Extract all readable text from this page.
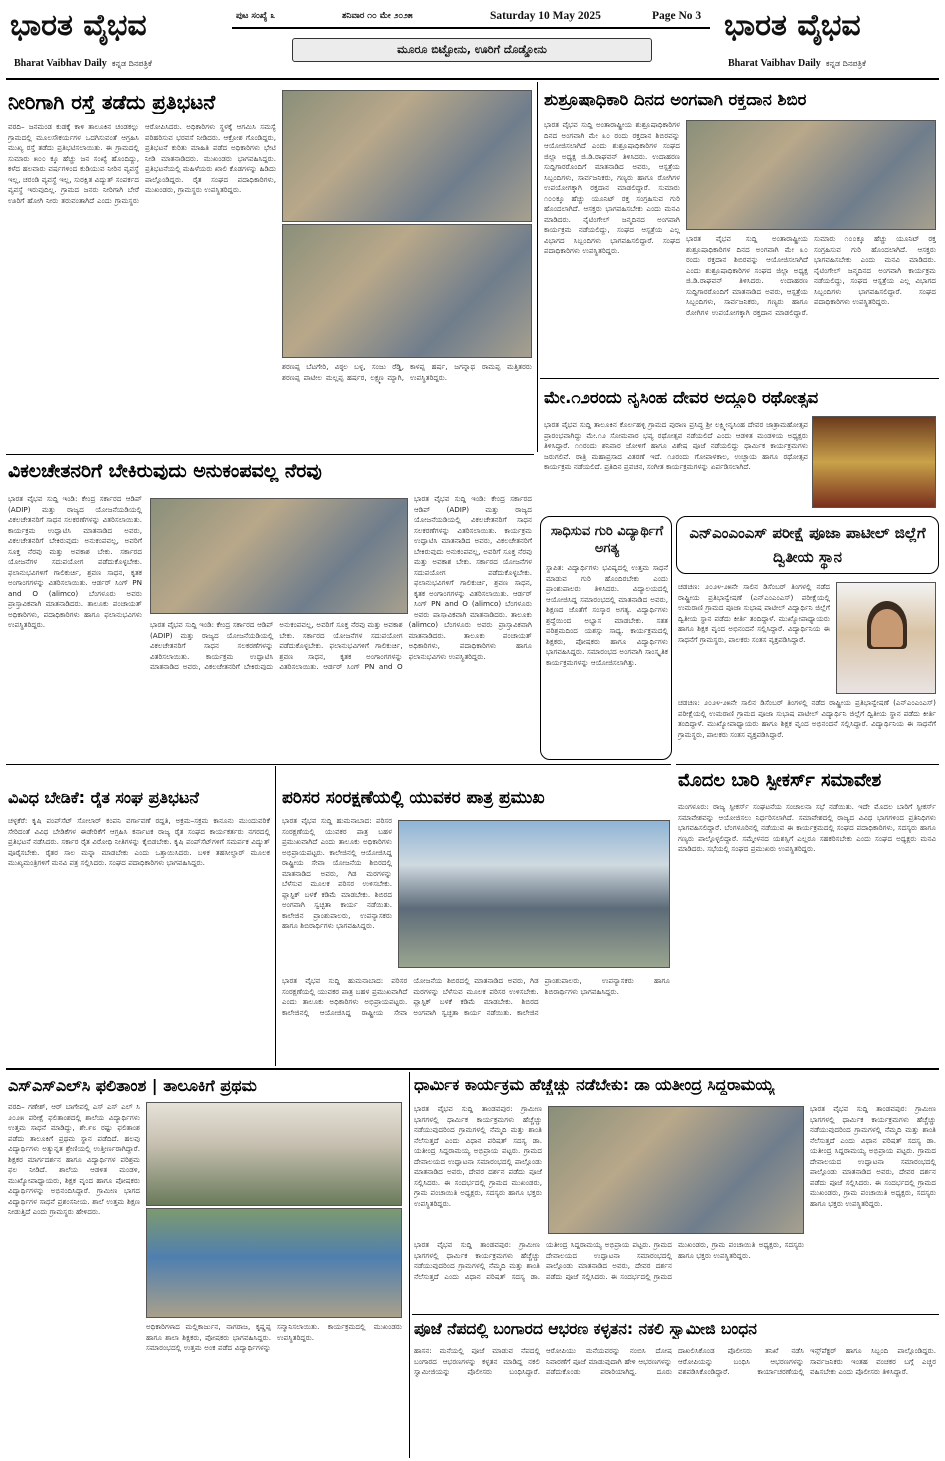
ಭಾರತ ವೈಭವ
Bharat Vaibhav Daily ಕನ್ನಡ ದಿನಪತ್ರಿಕೆ
ಪುಟ ಸಂಖ್ಯೆ ೩	ಶನಿವಾರ ೧೦ ಮೇ ೨೦೨೫	Saturday 10 May 2025	Page No 3
ಮೂರೂ ಬಿಟ್ಟೋನು, ಊರಿಗೆ ದೊಡ್ಡೋನು
ಭಾರತ ವೈಭವ
Bharat Vaibhav Daily ಕನ್ನಡ ದಿನಪತ್ರಿಕೆ
ನೀರಿಗಾಗಿ ರಸ್ತೆ ತಡೆದು ಪ್ರತಿಭಟನೆ
ವರದಿ– ಜನಮಂಡ ಕುಡಕ್ಕೆ ಕಾಳಿ ತಾಲೂಕಿನ ಚಂಡಕಲ್ಲು ಗ್ರಾಮದಲ್ಲಿ ಮೂಲಸೌಕರ್ಯಗಳ ಒದಗಿಸುವಂತೆ ಆಗ್ರಹಿಸಿ ಮುಖ್ಯ ರಸ್ತೆ ತಡೆದು ಪ್ರತಿಭಟಿಸಲಾಯಿತು. ಈ ಗ್ರಾಮದಲ್ಲಿ ಸುಮಾರು ೫೦೦ ಕ್ಕೂ ಹೆಚ್ಚು ಜನ ಸಂಖ್ಯೆ ಹೊಂದಿದ್ದು, ಕಳೆದ ಹಲವಾರು ವರ್ಷಗಳಿಂದ ಕುಡಿಯುವ ನೀರಿನ ವ್ಯವಸ್ಥೆ ಇಲ್ಲ, ಚರಂಡಿ ವ್ಯವಸ್ಥೆ ಇಲ್ಲ, ಸುರಕ್ಷಿತ ವಿದ್ಯುತ್ ಸಂಪರ್ಕದ ವ್ಯವಸ್ಥೆ ಇರುವುದಿಲ್ಲ. ಗ್ರಾಮದ ಜನರು ನೀರಿಗಾಗಿ ಬೇರೆ ಊರಿಗೆ ಹೋಗಿ ನೀರು ತರುವಂತಾಗಿದೆ ಎಂದು ಗ್ರಾಮಸ್ಥರು ಆರೋಪಿಸಿದರು. ಅಧಿಕಾರಿಗಳು ಸ್ಥಳಕ್ಕೆ ಆಗಮಿಸಿ ಸಮಸ್ಯೆ ಪರಿಹರಿಸುವ ಭರವಸೆ ನೀಡಿದರು. ಆಕ್ರೋಶ ಗೊಂಡಿದ್ದರು, ಪ್ರತಿಭಟನೆ ಕುರಿತು ಮಾಹಿತಿ ಪಡೆದ ಅಧಿಕಾರಿಗಳು ಭೇಟಿ ನೀಡಿ ಮಾತನಾಡಿದರು. ಮುಖಂಡರು ಭಾಗವಹಿಸಿದ್ದರು. ಪ್ರತಿಭಟನೆಯಲ್ಲಿ ಮಹಿಳೆಯರು ಖಾಲಿ ಕೊಡಗಳನ್ನು ಹಿಡಿದು ಪಾಲ್ಗೊಂಡಿದ್ದರು. ರೈತ ಸಂಘದ ಪದಾಧಿಕಾರಿಗಳು, ಮುಖಂಡರು, ಗ್ರಾಮಸ್ಥರು ಉಪಸ್ಥಿತರಿದ್ದರು.
ಶರಣಪ್ಪ ಬೆಟಗೇರಿ, ವಿಠ್ಠಲ ಬಳ್ಳ, ಸಂಜು ರೆಡ್ಡಿ, ಶರಣಪ್ಪ ಪಾಟೀಲ ಮಲ್ಲಪ್ಪ ಹರ್ಷರ, ಲಕ್ಷ್ಮಣ ಮ್ಯಾಗಿ, ಕಾಳಪ್ಪ ಹರ್ಷ, ಜಗನ್ನಾಥ ರಾಮಪ್ಪ ಮತ್ತಿತರರು ಉಪಸ್ಥಿತರಿದ್ದರು.
ಶುಶ್ರೂಷಾಧಿಕಾರಿ ದಿನದ ಅಂಗವಾಗಿ ರಕ್ತದಾನ ಶಿಬಿರ
ಭಾರತ ವೈಭವ ಸುದ್ದಿ ಅಂತಾರಾಷ್ಟ್ರೀಯ ಶುಶ್ರೂಷಾಧಿಕಾರಿಗಳ ದಿನದ ಅಂಗವಾಗಿ ಮೇ ೩೦ ರಂದು ರಕ್ತದಾನ ಶಿಬಿರವನ್ನು ಆಯೋಜಿಸಲಾಗಿದೆ ಎಂದು ಶುಶ್ರೂಷಾಧಿಕಾರಿಗಳ ಸಂಘದ ಜಿಲ್ಲಾ ಅಧ್ಯಕ್ಷ ಜಿ.ಡಿ.ರಾಘವನ್ ತಿಳಿಸಿದರು. ಉದಾಹರಣ ಸುದ್ದಿಗಾರರೊಂದಿಗೆ ಮಾತನಾಡಿದ ಅವರು, ಆಸ್ಪತ್ರೆಯ ಸಿಬ್ಬಂದಿಗಳು, ಸಾರ್ವಜನಿಕರು, ಗಣ್ಯರು ಹಾಗೂ ರೋಗಿಗಳ ಉಪಯೋಗಕ್ಕಾಗಿ ರಕ್ತದಾನ ಮಾಡಲಿದ್ದಾರೆ. ಸುಮಾರು ೧೦೦ಕ್ಕೂ ಹೆಚ್ಚು ಯೂನಿಟ್ ರಕ್ತ ಸಂಗ್ರಹಿಸುವ ಗುರಿ ಹೊಂದಲಾಗಿದೆ. ಆಸಕ್ತರು ಭಾಗವಹಿಸಬೇಕು ಎಂದು ಮನವಿ ಮಾಡಿದರು. ನೈಟಿಂಗೇಲ್ ಜನ್ಮದಿನದ ಅಂಗವಾಗಿ ಕಾರ್ಯಕ್ರಮ ನಡೆಯಲಿದ್ದು, ಸಂಘದ ಆಸ್ಪತ್ರೆಯ ಎಲ್ಲ ವಿಭಾಗದ ಸಿಬ್ಬಂದಿಗಳು ಭಾಗವಹಿಸಲಿದ್ದಾರೆ. ಸಂಘದ ಪದಾಧಿಕಾರಿಗಳು ಉಪಸ್ಥಿತರಿದ್ದರು.
ಭಾರತ ವೈಭವ ಸುದ್ದಿ ಅಂತಾರಾಷ್ಟ್ರೀಯ ಶುಶ್ರೂಷಾಧಿಕಾರಿಗಳ ದಿನದ ಅಂಗವಾಗಿ ಮೇ ೩೦ ರಂದು ರಕ್ತದಾನ ಶಿಬಿರವನ್ನು ಆಯೋಜಿಸಲಾಗಿದೆ ಎಂದು ಶುಶ್ರೂಷಾಧಿಕಾರಿಗಳ ಸಂಘದ ಜಿಲ್ಲಾ ಅಧ್ಯಕ್ಷ ಜಿ.ಡಿ.ರಾಘವನ್ ತಿಳಿಸಿದರು. ಉದಾಹರಣ ಸುದ್ದಿಗಾರರೊಂದಿಗೆ ಮಾತನಾಡಿದ ಅವರು, ಆಸ್ಪತ್ರೆಯ ಸಿಬ್ಬಂದಿಗಳು, ಸಾರ್ವಜನಿಕರು, ಗಣ್ಯರು ಹಾಗೂ ರೋಗಿಗಳ ಉಪಯೋಗಕ್ಕಾಗಿ ರಕ್ತದಾನ ಮಾಡಲಿದ್ದಾರೆ. ಸುಮಾರು ೧೦೦ಕ್ಕೂ ಹೆಚ್ಚು ಯೂನಿಟ್ ರಕ್ತ ಸಂಗ್ರಹಿಸುವ ಗುರಿ ಹೊಂದಲಾಗಿದೆ. ಆಸಕ್ತರು ಭಾಗವಹಿಸಬೇಕು ಎಂದು ಮನವಿ ಮಾಡಿದರು. ನೈಟಿಂಗೇಲ್ ಜನ್ಮದಿನದ ಅಂಗವಾಗಿ ಕಾರ್ಯಕ್ರಮ ನಡೆಯಲಿದ್ದು, ಸಂಘದ ಆಸ್ಪತ್ರೆಯ ಎಲ್ಲ ವಿಭಾಗದ ಸಿಬ್ಬಂದಿಗಳು ಭಾಗವಹಿಸಲಿದ್ದಾರೆ. ಸಂಘದ ಪದಾಧಿಕಾರಿಗಳು ಉಪಸ್ಥಿತರಿದ್ದರು.
ಮೇ.೧೨ರಂದು ನೃಸಿಂಹ ದೇವರ ಅದ್ಧೂರಿ ರಥೋತ್ಸವ
ಭಾರತ ವೈಭವ ಸುದ್ದಿ ತಾಲೂಕಿನ ಕೊರ್ಲಹಳ್ಳಿ ಗ್ರಾಮದ ಪುರಾಣ ಪ್ರಸಿದ್ಧ ಶ್ರೀ ಲಕ್ಷ್ಮೀನೃಸಿಂಹ ದೇವರ ಜಾತ್ರಾಮಹೋತ್ಸವ ಪ್ರಾರಂಭವಾಗಿದ್ದು ಮೇ.೧೨ ಸೋಮವಾರ ಭವ್ಯ ರಥೋತ್ಸವ ನಡೆಯಲಿದೆ ಎಂದು ಆಡಳಿತ ಮಂಡಳಿಯ ಅಧ್ಯಕ್ಷರು ತಿಳಿಸಿದ್ದಾರೆ. ೧೧ರಂದು ಶನಿವಾರ ಜೋಳಿಗೆ ಹಾಗೂ ವಿಶೇಷ ಪೂಜೆ ನಡೆಯಲಿದ್ದು ಧಾರ್ಮಿಕ ಕಾರ್ಯಕ್ರಮಗಳು ಜರುಗಲಿವೆ. ರಾತ್ರಿ ಮಹಾಪ್ರಸಾದ ವಿತರಣೆ ಇದೆ. ೧೨ರಂದು ಗೋಪಾಳಕಾಲ, ಉಚ್ಛಾಯ ಹಾಗೂ ರಥೋತ್ಸವ ಕಾರ್ಯಕ್ರಮ ನಡೆಯಲಿದೆ. ಪ್ರತಿದಿನ ಪ್ರವಚನ, ಸಂಗೀತ ಕಾರ್ಯಕ್ರಮಗಳನ್ನು ಏರ್ಪಡಿಸಲಾಗಿದೆ.
ವಿಕಲಚೇತನರಿಗೆ ಬೇಕಿರುವುದು ಅನುಕಂಪವಲ್ಲ ನೆರವು
ಭಾರತ ವೈಭವ ಸುದ್ದಿ ಇಂಡಿ: ಕೇಂದ್ರ ಸರ್ಕಾರದ ಆಡಿಪ್ (ADIP) ಮತ್ತು ರಾಜ್ಯದ ಯೋಜನೆಯಡಿಯಲ್ಲಿ ವಿಕಲಚೇತನರಿಗೆ ಸಾಧನ ಸಲಕರಣೆಗಳನ್ನು ವಿತರಿಸಲಾಯಿತು. ಕಾರ್ಯಕ್ರಮ ಉದ್ಘಾಟಿಸಿ ಮಾತನಾಡಿದ ಅವರು, ವಿಕಲಚೇತನರಿಗೆ ಬೇಕಿರುವುದು ಅನುಕಂಪವಲ್ಲ, ಅವರಿಗೆ ಸೂಕ್ತ ನೆರವು ಮತ್ತು ಅವಕಾಶ ಬೇಕು. ಸರ್ಕಾರದ ಯೋಜನೆಗಳ ಸದುಪಯೋಗ ಪಡೆದುಕೊಳ್ಳಬೇಕು. ಫಲಾನುಭವಿಗಳಿಗೆ ಗಾಲಿಕುರ್ಚಿ, ಶ್ರವಣ ಸಾಧನ, ಕೃತಕ ಅಂಗಾಂಗಗಳನ್ನು ವಿತರಿಸಲಾಯಿತು. ಆರ್ಡರ್ ಸಿಂಗ್ PN and O (alimco) ಬೆಂಗಳೂರು ಅವರು ಪ್ರಾಸ್ತಾವಿಕವಾಗಿ ಮಾತನಾಡಿದರು. ತಾಲೂಕು ಪಂಚಾಯತ್ ಅಧಿಕಾರಿಗಳು, ಪದಾಧಿಕಾರಿಗಳು ಹಾಗೂ ಫಲಾನುಭವಿಗಳು ಉಪಸ್ಥಿತರಿದ್ದರು.
ಭಾರತ ವೈಭವ ಸುದ್ದಿ ಇಂಡಿ: ಕೇಂದ್ರ ಸರ್ಕಾರದ ಆಡಿಪ್ (ADIP) ಮತ್ತು ರಾಜ್ಯದ ಯೋಜನೆಯಡಿಯಲ್ಲಿ ವಿಕಲಚೇತನರಿಗೆ ಸಾಧನ ಸಲಕರಣೆಗಳನ್ನು ವಿತರಿಸಲಾಯಿತು. ಕಾರ್ಯಕ್ರಮ ಉದ್ಘಾಟಿಸಿ ಮಾತನಾಡಿದ ಅವರು, ವಿಕಲಚೇತನರಿಗೆ ಬೇಕಿರುವುದು ಅನುಕಂಪವಲ್ಲ, ಅವರಿಗೆ ಸೂಕ್ತ ನೆರವು ಮತ್ತು ಅವಕಾಶ ಬೇಕು. ಸರ್ಕಾರದ ಯೋಜನೆಗಳ ಸದುಪಯೋಗ ಪಡೆದುಕೊಳ್ಳಬೇಕು. ಫಲಾನುಭವಿಗಳಿಗೆ ಗಾಲಿಕುರ್ಚಿ, ಶ್ರವಣ ಸಾಧನ, ಕೃತಕ ಅಂಗಾಂಗಗಳನ್ನು ವಿತರಿಸಲಾಯಿತು. ಆರ್ಡರ್ ಸಿಂಗ್ PN and O (alimco) ಬೆಂಗಳೂರು ಅವರು ಪ್ರಾಸ್ತಾವಿಕವಾಗಿ ಮಾತನಾಡಿದರು. ತಾಲೂಕು
ಭಾರತ ವೈಭವ ಸುದ್ದಿ ಇಂಡಿ: ಕೇಂದ್ರ ಸರ್ಕಾರದ ಆಡಿಪ್ (ADIP) ಮತ್ತು ರಾಜ್ಯದ ಯೋಜನೆಯಡಿಯಲ್ಲಿ ವಿಕಲಚೇತನರಿಗೆ ಸಾಧನ ಸಲಕರಣೆಗಳನ್ನು ವಿತರಿಸಲಾಯಿತು. ಕಾರ್ಯಕ್ರಮ ಉದ್ಘಾಟಿಸಿ ಮಾತನಾಡಿದ ಅವರು, ವಿಕಲಚೇತನರಿಗೆ ಬೇಕಿರುವುದು ಅನುಕಂಪವಲ್ಲ, ಅವರಿಗೆ ಸೂಕ್ತ ನೆರವು ಮತ್ತು ಅವಕಾಶ ಬೇಕು. ಸರ್ಕಾರದ ಯೋಜನೆಗಳ ಸದುಪಯೋಗ ಪಡೆದುಕೊಳ್ಳಬೇಕು. ಫಲಾನುಭವಿಗಳಿಗೆ ಗಾಲಿಕುರ್ಚಿ, ಶ್ರವಣ ಸಾಧನ, ಕೃತಕ ಅಂಗಾಂಗಗಳನ್ನು ವಿತರಿಸಲಾಯಿತು. ಆರ್ಡರ್ ಸಿಂಗ್ PN and O (alimco) ಬೆಂಗಳೂರು ಅವರು ಪ್ರಾಸ್ತಾವಿಕವಾಗಿ ಮಾತನಾಡಿದರು. ತಾಲೂಕು ಪಂಚಾಯತ್ ಅಧಿಕಾರಿಗಳು, ಪದಾಧಿಕಾರಿಗಳು ಹಾಗೂ ಫಲಾನುಭವಿಗಳು ಉಪಸ್ಥಿತರಿದ್ದರು.
ಸಾಧಿಸುವ ಗುರಿ ವಿದ್ಯಾರ್ಥಿಗೆ ಅಗತ್ಯ
ಸ್ಥಾಪಿತ: ವಿದ್ಯಾರ್ಥಿಗಳು ಭವಿಷ್ಯದಲ್ಲಿ ಉತ್ತಮ ಸಾಧನೆ ಮಾಡುವ ಗುರಿ ಹೊಂದಿರಬೇಕು ಎಂದು ಪ್ರಾಂಶುಪಾಲರು ತಿಳಿಸಿದರು. ವಿದ್ಯಾಲಯದಲ್ಲಿ ಆಯೋಜಿಸಿದ್ದ ಸಮಾರಂಭದಲ್ಲಿ ಮಾತನಾಡಿದ ಅವರು, ಶಿಕ್ಷಣದ ಜೊತೆಗೆ ಸಂಸ್ಕಾರ ಅಗತ್ಯ. ವಿದ್ಯಾರ್ಥಿಗಳು ಶ್ರದ್ಧೆಯಿಂದ ಅಭ್ಯಾಸ ಮಾಡಬೇಕು. ಸತತ ಪರಿಶ್ರಮದಿಂದ ಯಶಸ್ಸು ಸಾಧ್ಯ. ಕಾರ್ಯಕ್ರಮದಲ್ಲಿ ಶಿಕ್ಷಕರು, ಪೋಷಕರು ಹಾಗೂ ವಿದ್ಯಾರ್ಥಿಗಳು ಭಾಗವಹಿಸಿದ್ದರು. ಸಮಾರಂಭದ ಅಂಗವಾಗಿ ಸಾಂಸ್ಕೃತಿಕ ಕಾರ್ಯಕ್ರಮಗಳನ್ನು ಆಯೋಜಿಸಲಾಗಿತ್ತು.
ಎನ್‌ಎಂಎಂಎಸ್ ಪರೀಕ್ಷೆ ಪೂಜಾ ಪಾಟೀಲ್ ಜಿಲ್ಲೆಗೆ ದ್ವಿತೀಯ ಸ್ಥಾನ
ಚಡಚಣ: ೨೦೨೪-೨೫ನೇ ಸಾಲಿನ ಡಿಸೆಂಬರ್ ತಿಂಗಳಲ್ಲಿ ನಡೆದ ರಾಷ್ಟ್ರೀಯ ಪ್ರತಿಭಾನ್ವೇಷಣೆ (ಎನ್‌ಎಂಎಂಎಸ್) ಪರೀಕ್ಷೆಯಲ್ಲಿ ಉಮರಾಣಿ ಗ್ರಾಮದ ಪೂಜಾ ಸುಭಾಷ ಪಾಟೀಲ್ ವಿದ್ಯಾರ್ಥಿನಿ ಜಿಲ್ಲೆಗೆ ದ್ವಿತೀಯ ಸ್ಥಾನ ಪಡೆದು ಕೀರ್ತಿ ತಂದಿದ್ದಾಳೆ. ಮುಖ್ಯೋಪಾಧ್ಯಾಯರು ಹಾಗೂ ಶಿಕ್ಷಕ ವೃಂದ ಅಭಿನಂದನೆ ಸಲ್ಲಿಸಿದ್ದಾರೆ. ವಿದ್ಯಾರ್ಥಿನಿಯ ಈ ಸಾಧನೆಗೆ ಗ್ರಾಮಸ್ಥರು, ಪಾಲಕರು ಸಂತಸ ವ್ಯಕ್ತಪಡಿಸಿದ್ದಾರೆ.
ಚಡಚಣ: ೨೦೨೪-೨೫ನೇ ಸಾಲಿನ ಡಿಸೆಂಬರ್ ತಿಂಗಳಲ್ಲಿ ನಡೆದ ರಾಷ್ಟ್ರೀಯ ಪ್ರತಿಭಾನ್ವೇಷಣೆ (ಎನ್‌ಎಂಎಂಎಸ್) ಪರೀಕ್ಷೆಯಲ್ಲಿ ಉಮರಾಣಿ ಗ್ರಾಮದ ಪೂಜಾ ಸುಭಾಷ ಪಾಟೀಲ್ ವಿದ್ಯಾರ್ಥಿನಿ ಜಿಲ್ಲೆಗೆ ದ್ವಿತೀಯ ಸ್ಥಾನ ಪಡೆದು ಕೀರ್ತಿ ತಂದಿದ್ದಾಳೆ. ಮುಖ್ಯೋಪಾಧ್ಯಾಯರು ಹಾಗೂ ಶಿಕ್ಷಕ ವೃಂದ ಅಭಿನಂದನೆ ಸಲ್ಲಿಸಿದ್ದಾರೆ. ವಿದ್ಯಾರ್ಥಿನಿಯ ಈ ಸಾಧನೆಗೆ ಗ್ರಾಮಸ್ಥರು, ಪಾಲಕರು ಸಂತಸ ವ್ಯಕ್ತಪಡಿಸಿದ್ದಾರೆ.
ಮೊದಲ ಬಾರಿ ಸ್ಪೀಕರ್ಸ್ ಸಮಾವೇಶ
ಮಂಗಳೂರು: ರಾಜ್ಯ ಸ್ಪೀಕರ್ಸ್ ಸಂಘಟನೆಯ ಸಂಚಾಲನಾ ಸಭೆ ನಡೆಯಿತು. ಇದೇ ಮೊದಲ ಬಾರಿಗೆ ಸ್ಪೀಕರ್ಸ್ ಸಮಾವೇಶವನ್ನು ಆಯೋಜಿಸಲು ನಿರ್ಧರಿಸಲಾಗಿದೆ. ಸಮಾವೇಶದಲ್ಲಿ ರಾಜ್ಯದ ವಿವಿಧ ಭಾಗಗಳಿಂದ ಪ್ರತಿನಿಧಿಗಳು ಭಾಗವಹಿಸಲಿದ್ದಾರೆ. ಬೆಂಗಳೂರಿನಲ್ಲಿ ನಡೆಯುವ ಈ ಕಾರ್ಯಕ್ರಮದಲ್ಲಿ ಸಂಘದ ಪದಾಧಿಕಾರಿಗಳು, ಸದಸ್ಯರು ಹಾಗೂ ಗಣ್ಯರು ಪಾಲ್ಗೊಳ್ಳಲಿದ್ದಾರೆ. ಸಮ್ಮೇಳನದ ಯಶಸ್ಸಿಗೆ ಎಲ್ಲರೂ ಸಹಕರಿಸಬೇಕು ಎಂದು ಸಂಘದ ಅಧ್ಯಕ್ಷರು ಮನವಿ ಮಾಡಿದರು. ಸಭೆಯಲ್ಲಿ ಸಂಘದ ಪ್ರಮುಖರು ಉಪಸ್ಥಿತರಿದ್ದರು.
ವಿವಿಧ ಬೇಡಿಕೆ: ರೈತ ಸಂಘ ಪ್ರತಿಭಟನೆ
ಚಳ್ಳಕೆರೆ: ಕೃಷಿ ಪಂಪ್‌ಸೆಟ್ ಸೋಲಾರ್ ಕಂಪನಿ ವರ್ಗಾವಣೆ ರದ್ದತಿ, ಅಕ್ರಮ–ಸಕ್ರಮ ಕಾನೂನು ಮುಂದುವರಿಕೆ ಸೇರಿದಂತೆ ವಿವಿಧ ಬೇಡಿಕೆಗಳ ಈಡೇರಿಕೆಗೆ ಆಗ್ರಹಿಸಿ ಕರ್ನಾಟಕ ರಾಜ್ಯ ರೈತ ಸಂಘದ ಕಾರ್ಯಕರ್ತರು ನಗರದಲ್ಲಿ ಪ್ರತಿಭಟನೆ ನಡೆಸಿದರು. ಸರ್ಕಾರ ರೈತ ವಿರೋಧಿ ನೀತಿಗಳನ್ನು ಕೈಬಿಡಬೇಕು. ಕೃಷಿ ಪಂಪ್‌ಸೆಟ್‌ಗಳಿಗೆ ಸಮರ್ಪಕ ವಿದ್ಯುತ್ ಪೂರೈಸಬೇಕು. ರೈತರ ಸಾಲ ಮನ್ನಾ ಮಾಡಬೇಕು ಎಂದು ಒತ್ತಾಯಿಸಿದರು. ಬಳಿಕ ತಹಸೀಲ್ದಾರ್ ಮೂಲಕ ಮುಖ್ಯಮಂತ್ರಿಗಳಿಗೆ ಮನವಿ ಪತ್ರ ಸಲ್ಲಿಸಿದರು. ಸಂಘದ ಪದಾಧಿಕಾರಿಗಳು ಭಾಗವಹಿಸಿದ್ದರು.
ಪರಿಸರ ಸಂರಕ್ಷಣೆಯಲ್ಲಿ ಯುವಕರ ಪಾತ್ರ ಪ್ರಮುಖ
ಭಾರತ ವೈಭವ ಸುದ್ದಿ ಹುಮನಾಬಾದ: ಪರಿಸರ ಸಂರಕ್ಷಣೆಯಲ್ಲಿ ಯುವಕರ ಪಾತ್ರ ಬಹಳ ಪ್ರಮುಖವಾಗಿದೆ ಎಂದು ತಾಲೂಕು ಅಧಿಕಾರಿಗಳು ಅಭಿಪ್ರಾಯಪಟ್ಟರು. ಕಾಲೇಜಿನಲ್ಲಿ ಆಯೋಜಿಸಿದ್ದ ರಾಷ್ಟ್ರೀಯ ಸೇವಾ ಯೋಜನೆಯ ಶಿಬಿರದಲ್ಲಿ ಮಾತನಾಡಿದ ಅವರು, ಗಿಡ ಮರಗಳನ್ನು ಬೆಳೆಸುವ ಮೂಲಕ ಪರಿಸರ ಉಳಿಸಬೇಕು. ಪ್ಲಾಸ್ಟಿಕ್ ಬಳಕೆ ಕಡಿಮೆ ಮಾಡಬೇಕು. ಶಿಬಿರದ ಅಂಗವಾಗಿ ಸ್ವಚ್ಛತಾ ಕಾರ್ಯ ನಡೆಯಿತು. ಕಾಲೇಜಿನ ಪ್ರಾಂಶುಪಾಲರು, ಉಪನ್ಯಾಸಕರು ಹಾಗೂ ಶಿಬಿರಾರ್ಥಿಗಳು ಭಾಗವಹಿಸಿದ್ದರು.
ಭಾರತ ವೈಭವ ಸುದ್ದಿ ಹುಮನಾಬಾದ: ಪರಿಸರ ಸಂರಕ್ಷಣೆಯಲ್ಲಿ ಯುವಕರ ಪಾತ್ರ ಬಹಳ ಪ್ರಮುಖವಾಗಿದೆ ಎಂದು ತಾಲೂಕು ಅಧಿಕಾರಿಗಳು ಅಭಿಪ್ರಾಯಪಟ್ಟರು. ಕಾಲೇಜಿನಲ್ಲಿ ಆಯೋಜಿಸಿದ್ದ ರಾಷ್ಟ್ರೀಯ ಸೇವಾ ಯೋಜನೆಯ ಶಿಬಿರದಲ್ಲಿ ಮಾತನಾಡಿದ ಅವರು, ಗಿಡ ಮರಗಳನ್ನು ಬೆಳೆಸುವ ಮೂಲಕ ಪರಿಸರ ಉಳಿಸಬೇಕು. ಪ್ಲಾಸ್ಟಿಕ್ ಬಳಕೆ ಕಡಿಮೆ ಮಾಡಬೇಕು. ಶಿಬಿರದ ಅಂಗವಾಗಿ ಸ್ವಚ್ಛತಾ ಕಾರ್ಯ ನಡೆಯಿತು. ಕಾಲೇಜಿನ ಪ್ರಾಂಶುಪಾಲರು, ಉಪನ್ಯಾಸಕರು ಹಾಗೂ ಶಿಬಿರಾರ್ಥಿಗಳು ಭಾಗವಹಿಸಿದ್ದರು.
ಎಸ್‌ಎಸ್‌ಎಲ್‌ಸಿ ಫಲಿತಾಂಶ | ತಾಲೂಕಿಗೆ ಪ್ರಥಮ
ವರದಿ– ಗಣೇಶ್, ಆರ್ ಬಾಗೇಪಲ್ಲಿ ಎಸ್ ಎಸ್ ಎಲ್ ಸಿ ೨೦೨೫ ಪರೀಕ್ಷೆ ಫಲಿತಾಂಶದಲ್ಲಿ ಶಾಲೆಯ ವಿದ್ಯಾರ್ಥಿಗಳು ಉತ್ತಮ ಸಾಧನೆ ಮಾಡಿದ್ದು, ಶೇ.೯೮ ರಷ್ಟು ಫಲಿತಾಂಶ ಪಡೆದು ತಾಲೂಕಿಗೆ ಪ್ರಥಮ ಸ್ಥಾನ ಪಡೆದಿದೆ. ಹಲವು ವಿದ್ಯಾರ್ಥಿಗಳು ಅತ್ಯುನ್ನತ ಶ್ರೇಣಿಯಲ್ಲಿ ಉತ್ತೀರ್ಣರಾಗಿದ್ದಾರೆ. ಶಿಕ್ಷಕರ ಮಾರ್ಗದರ್ಶನ ಹಾಗೂ ವಿದ್ಯಾರ್ಥಿಗಳ ಪರಿಶ್ರಮ ಫಲ ನೀಡಿದೆ. ಶಾಲೆಯ ಆಡಳಿತ ಮಂಡಳಿ, ಮುಖ್ಯೋಪಾಧ್ಯಾಯರು, ಶಿಕ್ಷಕ ವೃಂದ ಹಾಗೂ ಪೋಷಕರು ವಿದ್ಯಾರ್ಥಿಗಳನ್ನು ಅಭಿನಂದಿಸಿದ್ದಾರೆ. ಗ್ರಾಮೀಣ ಭಾಗದ ವಿದ್ಯಾರ್ಥಿಗಳ ಸಾಧನೆ ಪ್ರಶಂಸನೀಯ. ಶಾಲೆ ಉತ್ತಮ ಶಿಕ್ಷಣ ನೀಡುತ್ತಿದೆ ಎಂದು ಗ್ರಾಮಸ್ಥರು ಹೇಳಿದರು.
ಅಧಿಕಾರಿಗಳಾದ ಮಲ್ಲಿಕಾರ್ಜುನ, ನಾಗರಾಜ, ಕೃಷ್ಣಪ್ಪ ಹಾಗೂ ಶಾಲಾ ಶಿಕ್ಷಕರು, ಪೋಷಕರು ಭಾಗವಹಿಸಿದ್ದರು. ಸಮಾರಂಭದಲ್ಲಿ ಉತ್ತಮ ಅಂಕ ಪಡೆದ ವಿದ್ಯಾರ್ಥಿಗಳನ್ನು ಸನ್ಮಾನಿಸಲಾಯಿತು. ಕಾರ್ಯಕ್ರಮದಲ್ಲಿ ಮುಖಂಡರು ಉಪಸ್ಥಿತರಿದ್ದರು.
ಧಾರ್ಮಿಕ ಕಾರ್ಯಕ್ರಮ ಹೆಚ್ಚೆಚ್ಚು ನಡೆಬೇಕು: ಡಾ ಯತೀಂದ್ರ ಸಿದ್ದರಾಮಯ್ಯ
ಭಾರತ ವೈಭವ ಸುದ್ದಿ ತಾಂಡವಪುರ: ಗ್ರಾಮೀಣ ಭಾಗಗಳಲ್ಲಿ ಧಾರ್ಮಿಕ ಕಾರ್ಯಕ್ರಮಗಳು ಹೆಚ್ಚೆಚ್ಚು ನಡೆಯುವುದರಿಂದ ಗ್ರಾಮಗಳಲ್ಲಿ ನೆಮ್ಮದಿ ಮತ್ತು ಶಾಂತಿ ನೆಲೆಸುತ್ತದೆ ಎಂದು ವಿಧಾನ ಪರಿಷತ್ ಸದಸ್ಯ ಡಾ. ಯತೀಂದ್ರ ಸಿದ್ದರಾಮಯ್ಯ ಅಭಿಪ್ರಾಯ ಪಟ್ಟರು. ಗ್ರಾಮದ ದೇವಾಲಯದ ಉದ್ಘಾಟನಾ ಸಮಾರಂಭದಲ್ಲಿ ಪಾಲ್ಗೊಂಡು ಮಾತನಾಡಿದ ಅವರು, ದೇವರ ದರ್ಶನ ಪಡೆದು ಪೂಜೆ ಸಲ್ಲಿಸಿದರು. ಈ ಸಂದರ್ಭದಲ್ಲಿ ಗ್ರಾಮದ ಮುಖಂಡರು, ಗ್ರಾಮ ಪಂಚಾಯಿತಿ ಅಧ್ಯಕ್ಷರು, ಸದಸ್ಯರು ಹಾಗೂ ಭಕ್ತರು ಉಪಸ್ಥಿತರಿದ್ದರು.
ಭಾರತ ವೈಭವ ಸುದ್ದಿ ತಾಂಡವಪುರ: ಗ್ರಾಮೀಣ ಭಾಗಗಳಲ್ಲಿ ಧಾರ್ಮಿಕ ಕಾರ್ಯಕ್ರಮಗಳು ಹೆಚ್ಚೆಚ್ಚು ನಡೆಯುವುದರಿಂದ ಗ್ರಾಮಗಳಲ್ಲಿ ನೆಮ್ಮದಿ ಮತ್ತು ಶಾಂತಿ ನೆಲೆಸುತ್ತದೆ ಎಂದು ವಿಧಾನ ಪರಿಷತ್ ಸದಸ್ಯ ಡಾ. ಯತೀಂದ್ರ ಸಿದ್ದರಾಮಯ್ಯ ಅಭಿಪ್ರಾಯ ಪಟ್ಟರು. ಗ್ರಾಮದ ದೇವಾಲಯದ ಉದ್ಘಾಟನಾ ಸಮಾರಂಭದಲ್ಲಿ ಪಾಲ್ಗೊಂಡು ಮಾತನಾಡಿದ ಅವರು, ದೇವರ ದರ್ಶನ ಪಡೆದು ಪೂಜೆ ಸಲ್ಲಿಸಿದರು. ಈ ಸಂದರ್ಭದಲ್ಲಿ ಗ್ರಾಮದ ಮುಖಂಡರು, ಗ್ರಾಮ ಪಂಚಾಯಿತಿ ಅಧ್ಯಕ್ಷರು, ಸದಸ್ಯರು ಹಾಗೂ ಭಕ್ತರು ಉಪಸ್ಥಿತರಿದ್ದರು.
ಭಾರತ ವೈಭವ ಸುದ್ದಿ ತಾಂಡವಪುರ: ಗ್ರಾಮೀಣ ಭಾಗಗಳಲ್ಲಿ ಧಾರ್ಮಿಕ ಕಾರ್ಯಕ್ರಮಗಳು ಹೆಚ್ಚೆಚ್ಚು ನಡೆಯುವುದರಿಂದ ಗ್ರಾಮಗಳಲ್ಲಿ ನೆಮ್ಮದಿ ಮತ್ತು ಶಾಂತಿ ನೆಲೆಸುತ್ತದೆ ಎಂದು ವಿಧಾನ ಪರಿಷತ್ ಸದಸ್ಯ ಡಾ. ಯತೀಂದ್ರ ಸಿದ್ದರಾಮಯ್ಯ ಅಭಿಪ್ರಾಯ ಪಟ್ಟರು. ಗ್ರಾಮದ ದೇವಾಲಯದ ಉದ್ಘಾಟನಾ ಸಮಾರಂಭದಲ್ಲಿ ಪಾಲ್ಗೊಂಡು ಮಾತನಾಡಿದ ಅವರು, ದೇವರ ದರ್ಶನ ಪಡೆದು ಪೂಜೆ ಸಲ್ಲಿಸಿದರು. ಈ ಸಂದರ್ಭದಲ್ಲಿ ಗ್ರಾಮದ ಮುಖಂಡರು, ಗ್ರಾಮ ಪಂಚಾಯಿತಿ ಅಧ್ಯಕ್ಷರು, ಸದಸ್ಯರು ಹಾಗೂ ಭಕ್ತರು ಉಪಸ್ಥಿತರಿದ್ದರು.
ಪೂಜೆ ನೆಪದಲ್ಲಿ ಬಂಗಾರದ ಆಭರಣ ಕಳ್ಳತನ: ನಕಲಿ ಸ್ವಾಮೀಜಿ ಬಂಧನ
ಹಾಸನ: ಮನೆಯಲ್ಲಿ ಪೂಜೆ ಮಾಡುವ ನೆಪದಲ್ಲಿ ಬಂಗಾರದ ಆಭರಣಗಳನ್ನು ಕಳ್ಳತನ ಮಾಡಿದ್ದ ನಕಲಿ ಸ್ವಾಮೀಜಿಯನ್ನು ಪೊಲೀಸರು ಬಂಧಿಸಿದ್ದಾರೆ. ಆರೋಪಿಯು ಮನೆಯವರನ್ನು ನಂಬಿಸಿ ದೋಷ ನಿವಾರಣೆಗೆ ಪೂಜೆ ಮಾಡುವುದಾಗಿ ಹೇಳಿ ಆಭರಣಗಳನ್ನು ಪಡೆದುಕೊಂಡು ಪರಾರಿಯಾಗಿದ್ದ. ದೂರು ದಾಖಲಿಸಿಕೊಂಡ ಪೊಲೀಸರು ತನಿಖೆ ನಡೆಸಿ ಆರೋಪಿಯನ್ನು ಬಂಧಿಸಿ ಆಭರಣಗಳನ್ನು ವಶಪಡಿಸಿಕೊಂಡಿದ್ದಾರೆ. ಕಾರ್ಯಾಚರಣೆಯಲ್ಲಿ ಇನ್ಸ್‌ಪೆಕ್ಟರ್ ಹಾಗೂ ಸಿಬ್ಬಂದಿ ಪಾಲ್ಗೊಂಡಿದ್ದರು. ಸಾರ್ವಜನಿಕರು ಇಂತಹ ವಂಚಕರ ಬಗ್ಗೆ ಎಚ್ಚರ ವಹಿಸಬೇಕು ಎಂದು ಪೊಲೀಸರು ತಿಳಿಸಿದ್ದಾರೆ.
